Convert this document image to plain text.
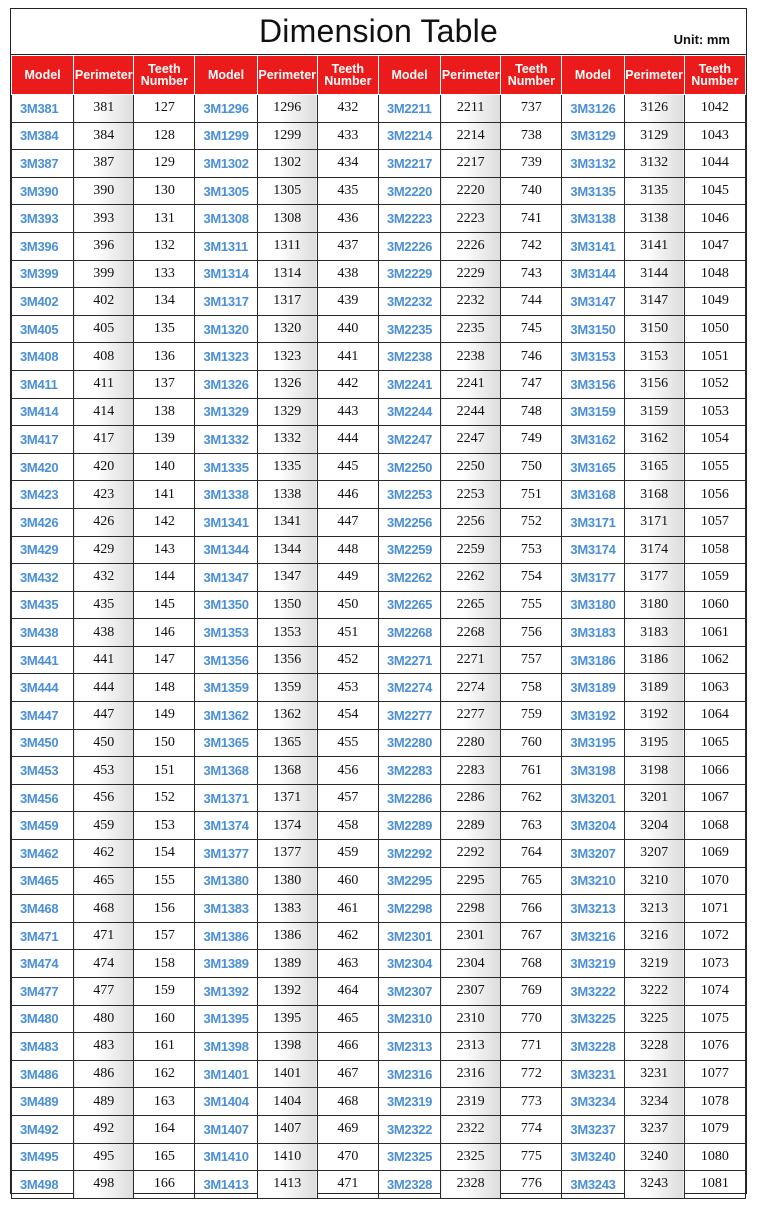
Dimension Table	Unit: mm
Model	Perimeter	Teeth Number	Model	Perimeter	Teeth Number	Model	Perimeter	Teeth Number	Model	Perimeter	Teeth Number
3M381	381	127	3M1296	1296	432	3M2211	2211	737	3M3126	3126	1042
3M384	384	128	3M1299	1299	433	3M2214	2214	738	3M3129	3129	1043
3M387	387	129	3M1302	1302	434	3M2217	2217	739	3M3132	3132	1044
3M390	390	130	3M1305	1305	435	3M2220	2220	740	3M3135	3135	1045
3M393	393	131	3M1308	1308	436	3M2223	2223	741	3M3138	3138	1046
3M396	396	132	3M1311	1311	437	3M2226	2226	742	3M3141	3141	1047
3M399	399	133	3M1314	1314	438	3M2229	2229	743	3M3144	3144	1048
3M402	402	134	3M1317	1317	439	3M2232	2232	744	3M3147	3147	1049
3M405	405	135	3M1320	1320	440	3M2235	2235	745	3M3150	3150	1050
3M408	408	136	3M1323	1323	441	3M2238	2238	746	3M3153	3153	1051
3M411	411	137	3M1326	1326	442	3M2241	2241	747	3M3156	3156	1052
3M414	414	138	3M1329	1329	443	3M2244	2244	748	3M3159	3159	1053
3M417	417	139	3M1332	1332	444	3M2247	2247	749	3M3162	3162	1054
3M420	420	140	3M1335	1335	445	3M2250	2250	750	3M3165	3165	1055
3M423	423	141	3M1338	1338	446	3M2253	2253	751	3M3168	3168	1056
3M426	426	142	3M1341	1341	447	3M2256	2256	752	3M3171	3171	1057
3M429	429	143	3M1344	1344	448	3M2259	2259	753	3M3174	3174	1058
3M432	432	144	3M1347	1347	449	3M2262	2262	754	3M3177	3177	1059
3M435	435	145	3M1350	1350	450	3M2265	2265	755	3M3180	3180	1060
3M438	438	146	3M1353	1353	451	3M2268	2268	756	3M3183	3183	1061
3M441	441	147	3M1356	1356	452	3M2271	2271	757	3M3186	3186	1062
3M444	444	148	3M1359	1359	453	3M2274	2274	758	3M3189	3189	1063
3M447	447	149	3M1362	1362	454	3M2277	2277	759	3M3192	3192	1064
3M450	450	150	3M1365	1365	455	3M2280	2280	760	3M3195	3195	1065
3M453	453	151	3M1368	1368	456	3M2283	2283	761	3M3198	3198	1066
3M456	456	152	3M1371	1371	457	3M2286	2286	762	3M3201	3201	1067
3M459	459	153	3M1374	1374	458	3M2289	2289	763	3M3204	3204	1068
3M462	462	154	3M1377	1377	459	3M2292	2292	764	3M3207	3207	1069
3M465	465	155	3M1380	1380	460	3M2295	2295	765	3M3210	3210	1070
3M468	468	156	3M1383	1383	461	3M2298	2298	766	3M3213	3213	1071
3M471	471	157	3M1386	1386	462	3M2301	2301	767	3M3216	3216	1072
3M474	474	158	3M1389	1389	463	3M2304	2304	768	3M3219	3219	1073
3M477	477	159	3M1392	1392	464	3M2307	2307	769	3M3222	3222	1074
3M480	480	160	3M1395	1395	465	3M2310	2310	770	3M3225	3225	1075
3M483	483	161	3M1398	1398	466	3M2313	2313	771	3M3228	3228	1076
3M486	486	162	3M1401	1401	467	3M2316	2316	772	3M3231	3231	1077
3M489	489	163	3M1404	1404	468	3M2319	2319	773	3M3234	3234	1078
3M492	492	164	3M1407	1407	469	3M2322	2322	774	3M3237	3237	1079
3M495	495	165	3M1410	1410	470	3M2325	2325	775	3M3240	3240	1080
3M498	498	166	3M1413	1413	471	3M2328	2328	776	3M3243	3243	1081
